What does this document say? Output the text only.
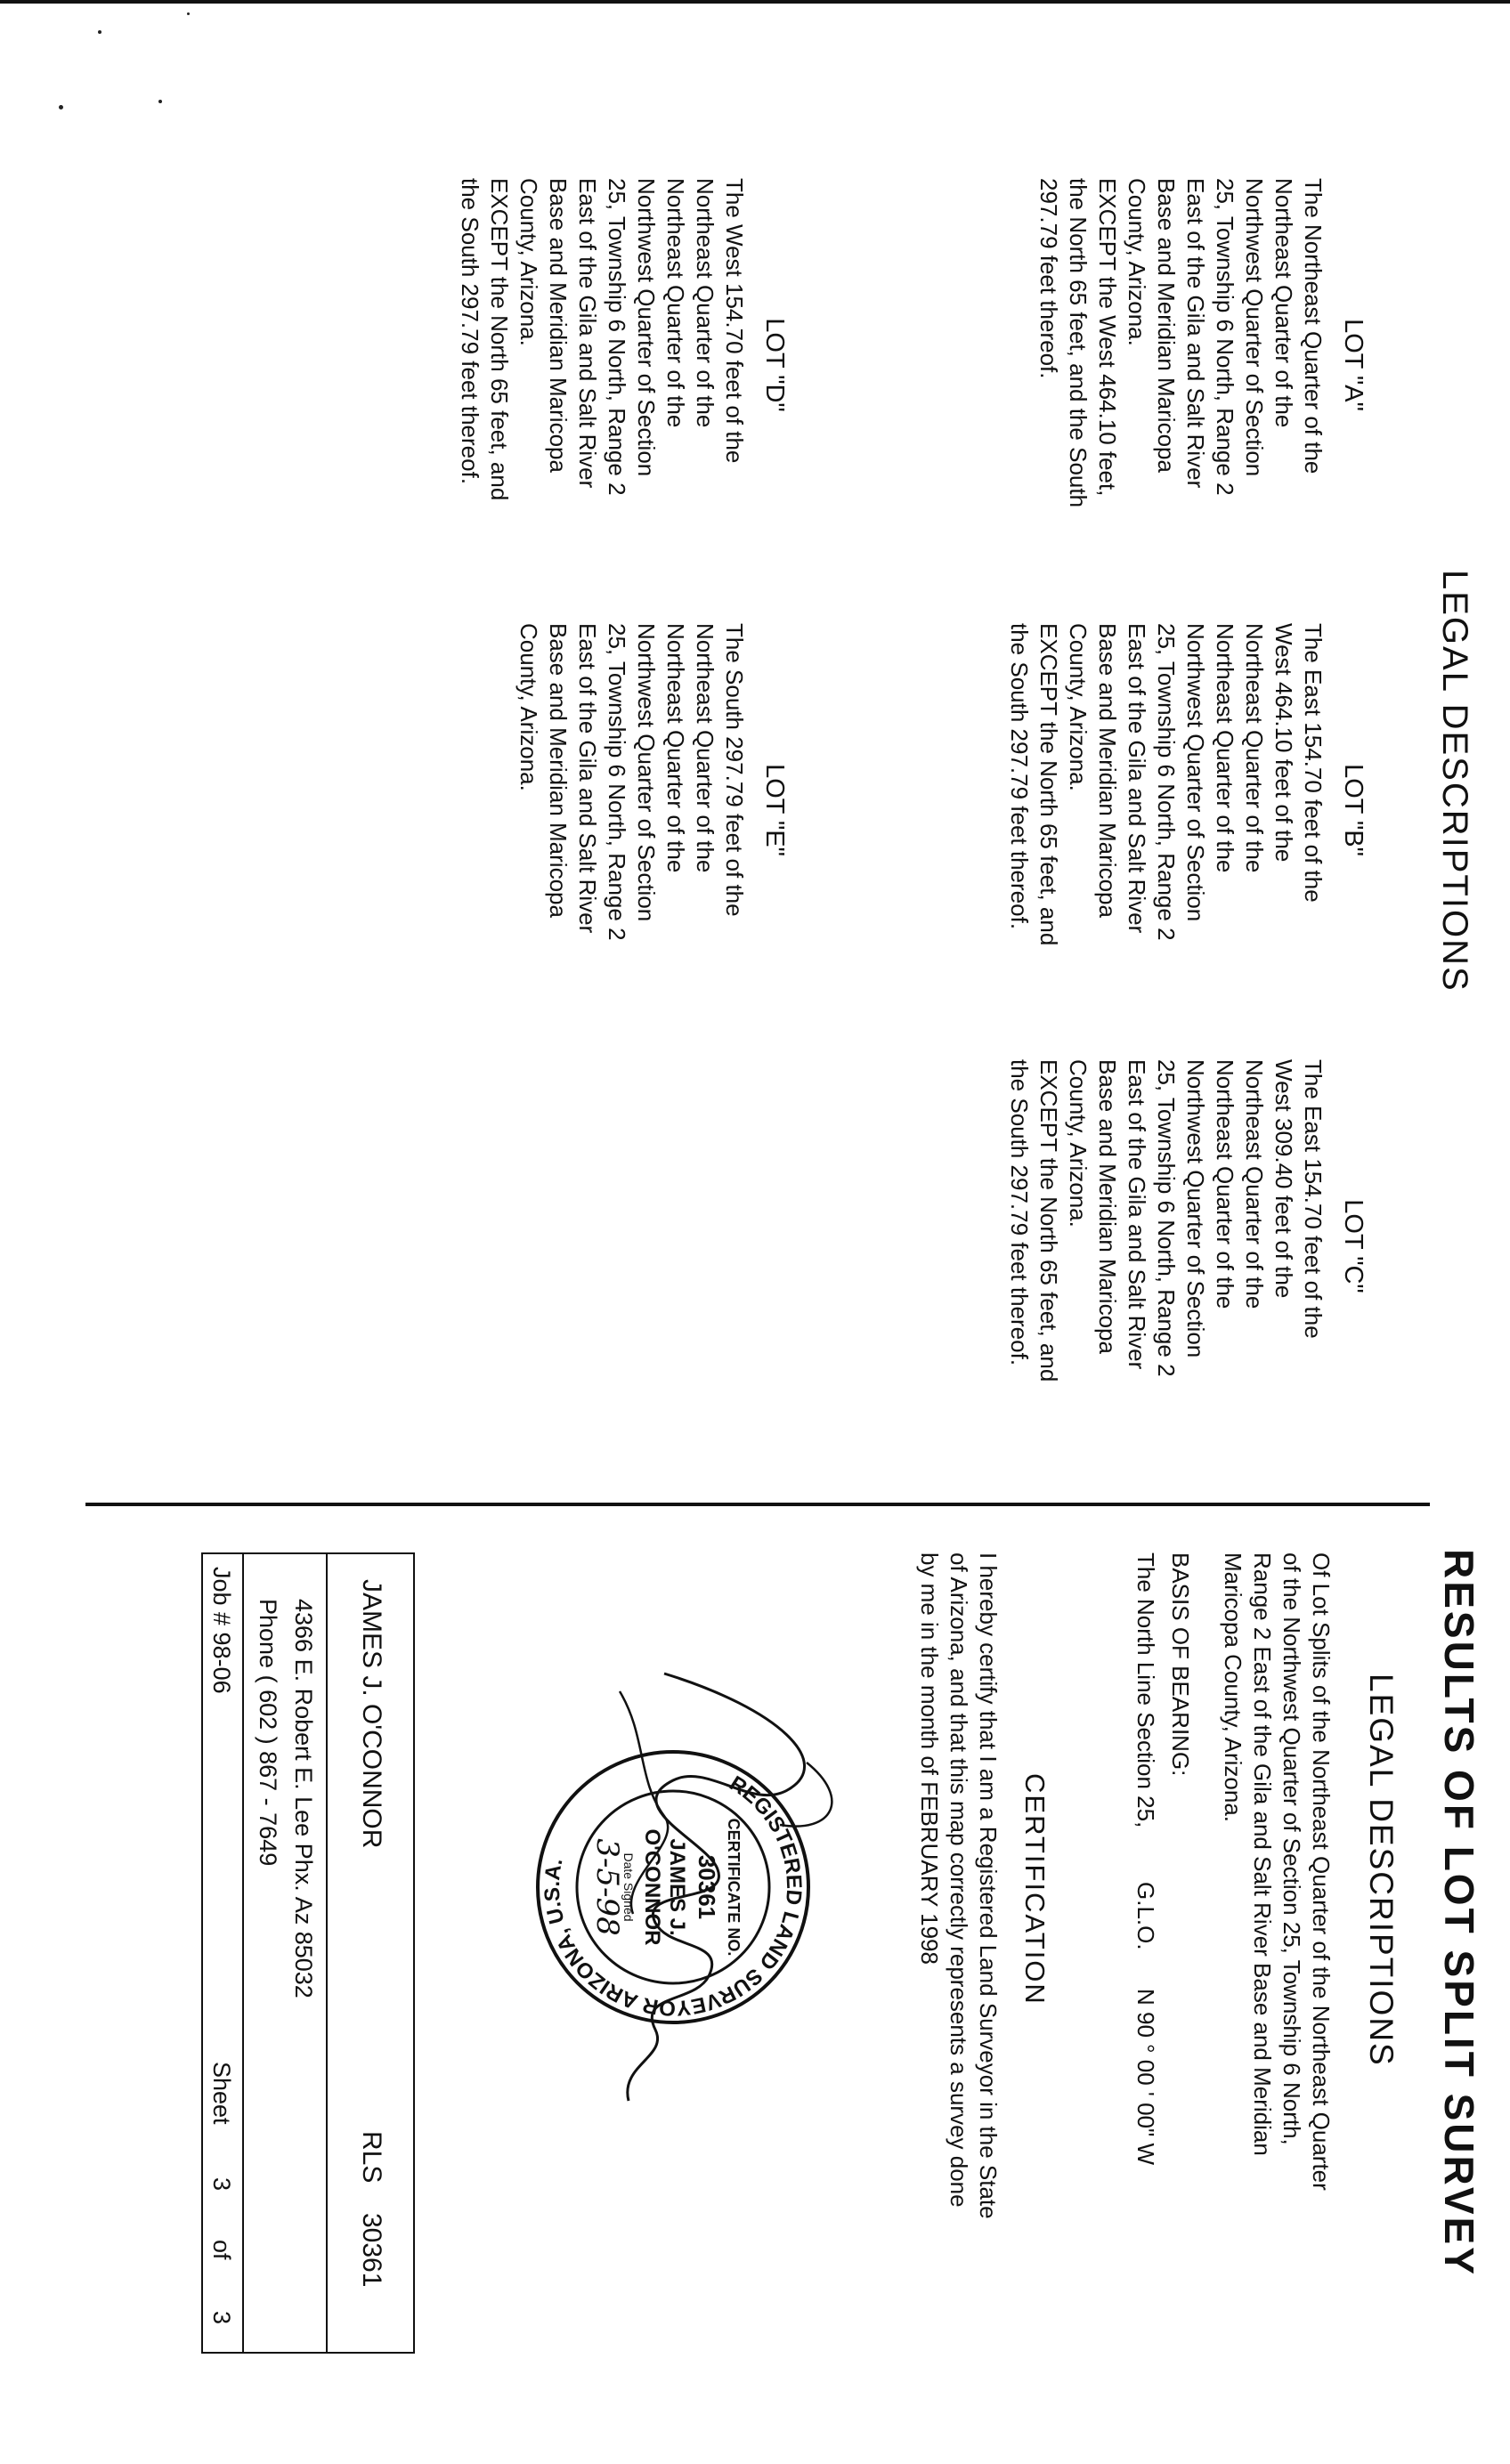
LEGAL DESCRIPTIONS
LOT "A"
The Northeast Quarter of the
Northeast Quarter of the
Northwest Quarter of Section
25, Township 6 North, Range 2
East of the Gila and Salt River
Base and Meridian Maricopa
County, Arizona.
EXCEPT the West 464.10 feet,
the North 65 feet, and the South
297.79 feet thereof.
LOT "B"
The East 154.70 feet of the
West 464.10 feet of the
Northeast Quarter of the
Northeast Quarter of the
Northwest Quarter of Section
25, Township 6 North, Range 2
East of the Gila and Salt River
Base and Meridian Maricopa
County, Arizona.
EXCEPT the North 65 feet, and
the South 297.79 feet thereof.
LOT "C"
The East 154.70 feet of the
West 309.40 feet of the
Northeast Quarter of the
Northeast Quarter of the
Northwest Quarter of Section
25, Township 6 North, Range 2
East of the Gila and Salt River
Base and Meridian Maricopa
County, Arizona.
EXCEPT the North 65 feet, and
the South 297.79 feet thereof.
LOT "D"
The West 154.70 feet of the
Northeast Quarter of the
Northeast Quarter of the
Northwest Quarter of Section
25, Township 6 North, Range 2
East of the Gila and Salt River
Base and Meridian Maricopa
County, Arizona.
EXCEPT the North 65 feet, and
the South 297.79 feet thereof.
LOT "E"
The South 297.79 feet of the
Northeast Quarter of the
Northeast Quarter of the
Northwest Quarter of Section
25, Township 6 North, Range 2
East of the Gila and Salt River
Base and Meridian Maricopa
County, Arizona.
RESULTS OF LOT SPLIT SURVEY
LEGAL DESCRIPTIONS
Of Lot Splits of the Northeast Quarter of the Northeast Quarter
of the Northwest Quarter of Section 25, Township 6 North,
Range 2 East of the Gila and Salt River Base and Meridian
Maricopa County, Arizona.
BASIS OF BEARING:
The North Line Section 25,
G.L.O.
N 90 ° 00 ' 00" W
CERTIFICATION
I hereby certify that I am a Registered Land Surveyor in the State
of Arizona, and that this map correctly represents a survey done
by me in the month of FEBRUARY 1998
REGISTERED LAND SURVEYOR ARIZONA, U.S.A.	CERTIFICATE NO.
30361
JAMES J.
O'CONNOR
Date Signed
3-5-98
JAMES J. O'CONNOR
RLS
30361
4366 E. Robert E. Lee Phx. Az 85032
Phone ( 602 ) 867 - 7649
Job # 98-06
Sheet
3
of
3
